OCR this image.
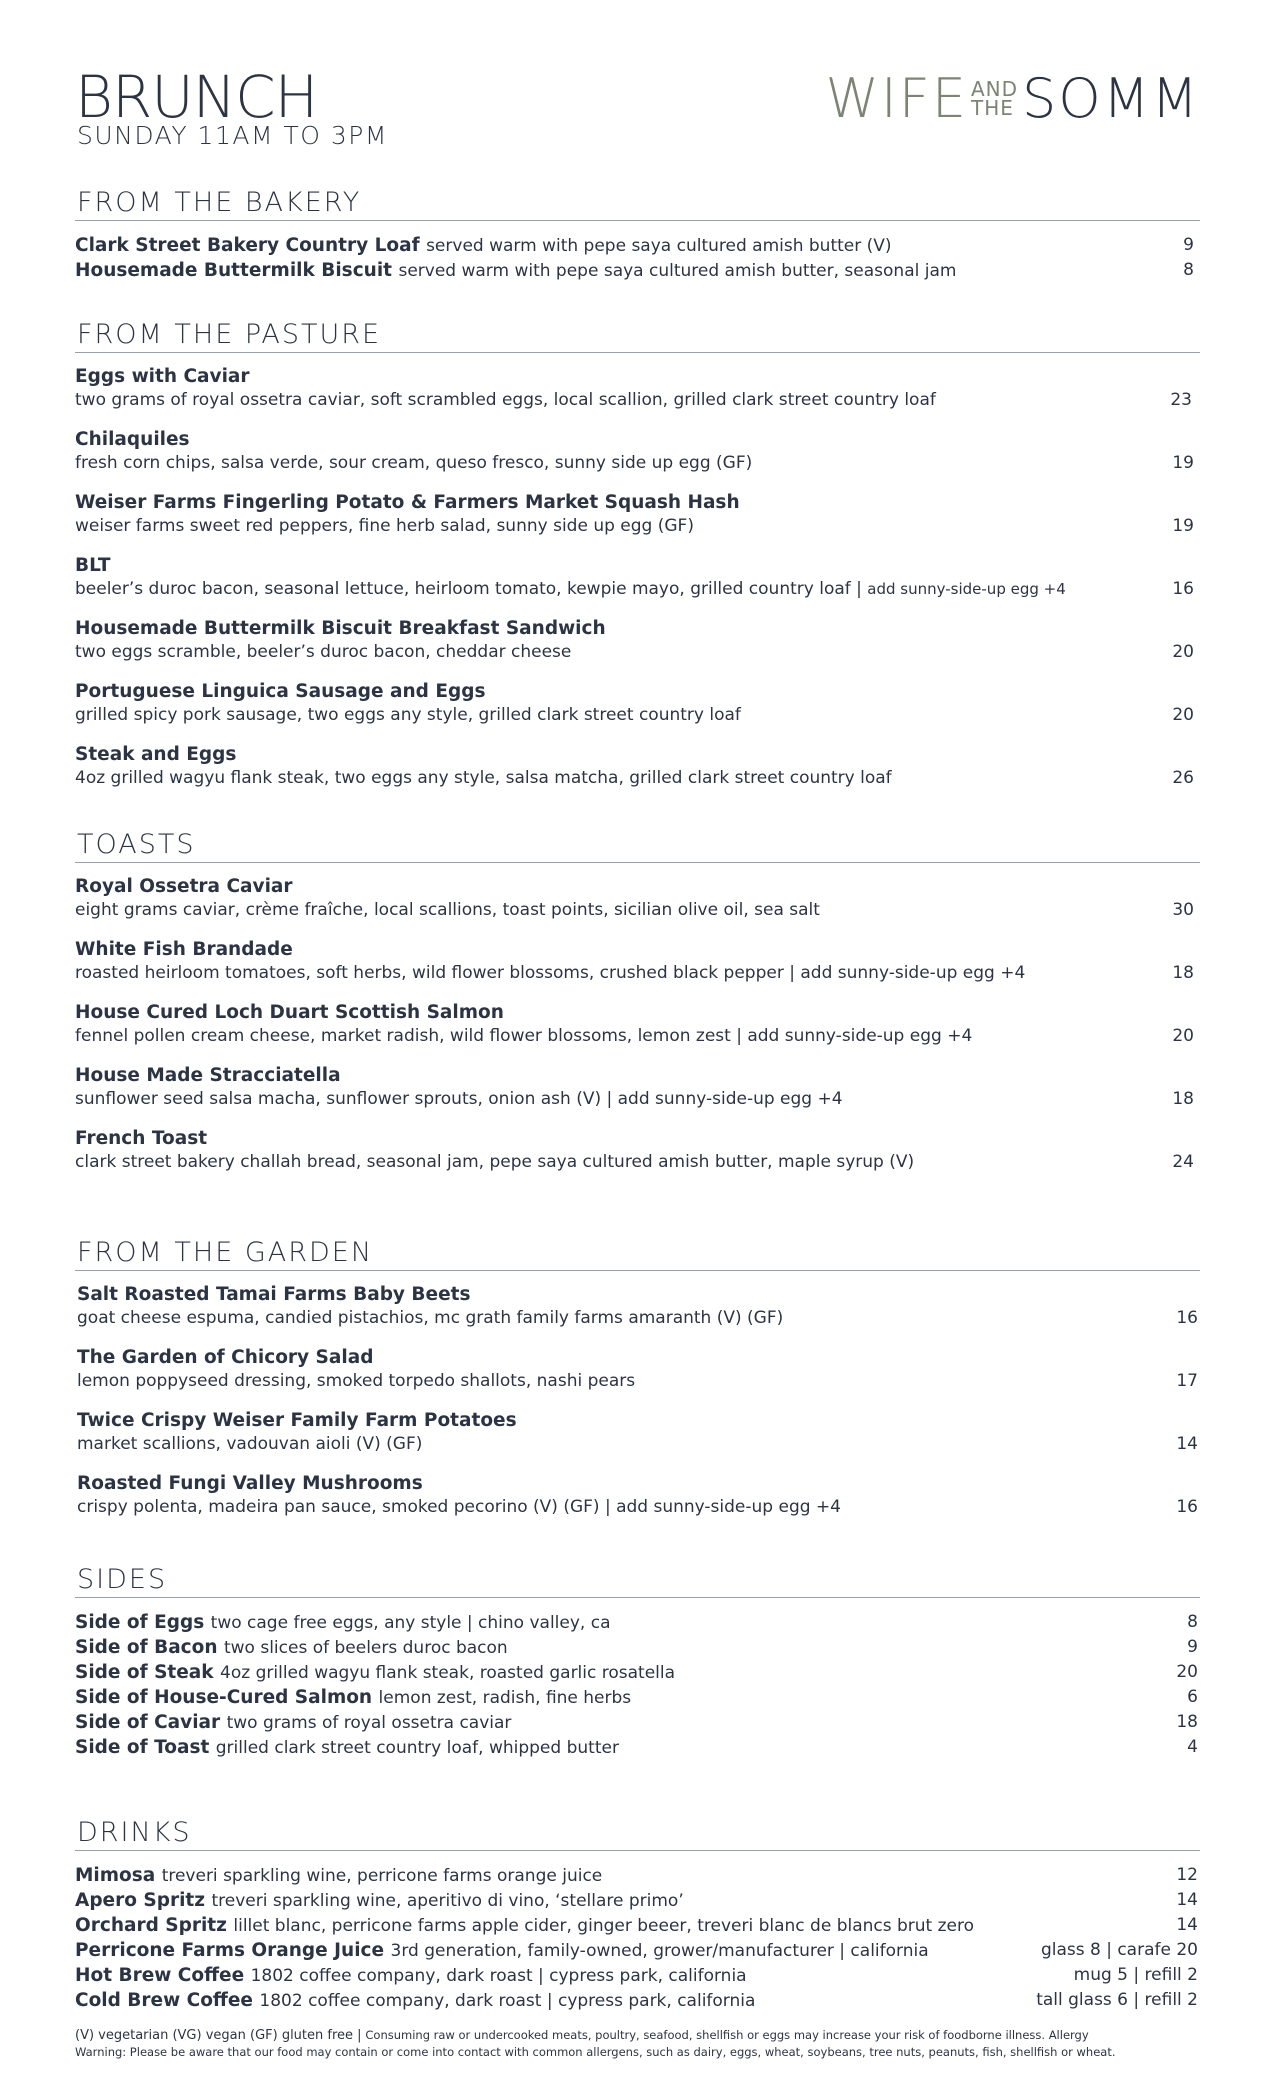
BRUNCH
SUNDAY 11AM TO 3PM
WIFE AND
THE SOMM
FROM THE BAKERY
Clark Street Bakery Country Loaf served warm with pepe saya cultured amish butter (V)	9
Housemade Buttermilk Biscuit served warm with pepe saya cultured amish butter, seasonal jam	8
FROM THE PASTURE
Eggs with Caviar
two grams of royal ossetra caviar, soft scrambled eggs, local scallion, grilled clark street country loaf	23
Chilaquiles
fresh corn chips, salsa verde, sour cream, queso fresco, sunny side up egg (GF)	19
Weiser Farms Fingerling Potato & Farmers Market Squash Hash
weiser farms sweet red peppers, fine herb salad, sunny side up egg (GF)	19
BLT
beeler’s duroc bacon, seasonal lettuce, heirloom tomato, kewpie mayo, grilled country loaf | add sunny-side-up egg +4	16
Housemade Buttermilk Biscuit Breakfast Sandwich
two eggs scramble, beeler’s duroc bacon, cheddar cheese	20
Portuguese Linguica Sausage and Eggs
grilled spicy pork sausage, two eggs any style, grilled clark street country loaf	20
Steak and Eggs
4oz grilled wagyu flank steak, two eggs any style, salsa matcha, grilled clark street country loaf	26
TOASTS
Royal Ossetra Caviar
eight grams caviar, crème fraîche, local scallions, toast points, sicilian olive oil, sea salt	30
White Fish Brandade
roasted heirloom tomatoes, soft herbs, wild flower blossoms, crushed black pepper | add sunny-side-up egg +4	18
House Cured Loch Duart Scottish Salmon
fennel pollen cream cheese, market radish, wild flower blossoms, lemon zest | add sunny-side-up egg +4	20
House Made Stracciatella
sunflower seed salsa macha, sunflower sprouts, onion ash (V) | add sunny-side-up egg +4	18
French Toast
clark street bakery challah bread, seasonal jam, pepe saya cultured amish butter, maple syrup (V)	24
FROM THE GARDEN
Salt Roasted Tamai Farms Baby Beets
goat cheese espuma, candied pistachios, mc grath family farms amaranth (V) (GF)	16
The Garden of Chicory Salad
lemon poppyseed dressing, smoked torpedo shallots, nashi pears	17
Twice Crispy Weiser Family Farm Potatoes
market scallions, vadouvan aioli (V) (GF)	14
Roasted Fungi Valley Mushrooms
crispy polenta, madeira pan sauce, smoked pecorino (V) (GF) | add sunny-side-up egg +4	16
SIDES
Side of Eggs two cage free eggs, any style | chino valley, ca	8
Side of Bacon two slices of beelers duroc bacon	9
Side of Steak 4oz grilled wagyu flank steak, roasted garlic rosatella	20
Side of House-Cured Salmon lemon zest, radish, fine herbs	6
Side of Caviar two grams of royal ossetra caviar	18
Side of Toast grilled clark street country loaf, whipped butter	4
DRINKS
Mimosa treveri sparkling wine, perricone farms orange juice	12
Apero Spritz treveri sparkling wine, aperitivo di vino, ‘stellare primo’	14
Orchard Spritz lillet blanc, perricone farms apple cider, ginger beeer, treveri blanc de blancs brut zero	14
Perricone Farms Orange Juice 3rd generation, family-owned, grower/manufacturer | california	glass 8 | carafe 20
Hot Brew Coffee 1802 coffee company, dark roast | cypress park, california	mug 5 | refill 2
Cold Brew Coffee 1802 coffee company, dark roast | cypress park, california	tall glass 6 | refill 2
(V) vegetarian (VG) vegan (GF) gluten free | Consuming raw or undercooked meats, poultry, seafood, shellfish or eggs may increase your risk of foodborne illness. Allergy
Warning: Please be aware that our food may contain or come into contact with common allergens, such as dairy, eggs, wheat, soybeans, tree nuts, peanuts, fish, shellfish or wheat.
